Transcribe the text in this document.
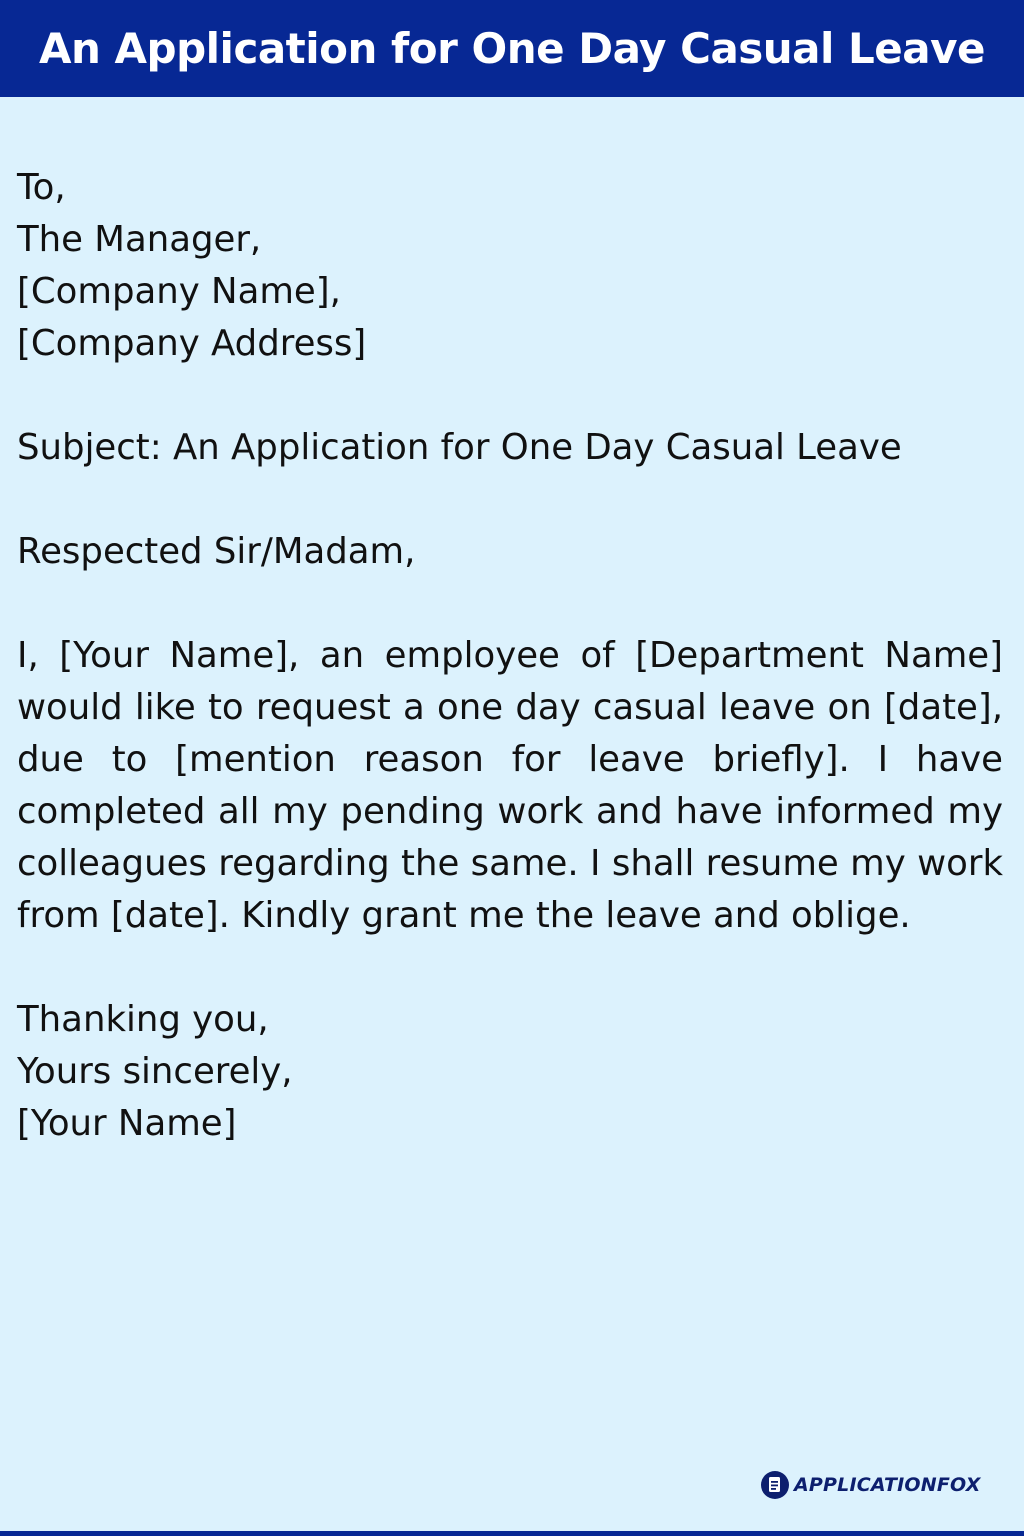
An Application for One Day Casual Leave
To,
The Manager,
[Company Name],
[Company Address]
Subject: An Application for One Day Casual Leave
Respected Sir/Madam,

I, [Your Name], an employee of [Department Name] would like to request a one day casual leave on [date], due to [mention reason for leave briefly]. I have completed all my pending work and have informed my colleagues regarding the same. I shall resume my work from [date]. Kindly grant me the leave and oblige.

Thanking you,
Yours sincerely,
[Your Name]
APPLICATIONFOX
